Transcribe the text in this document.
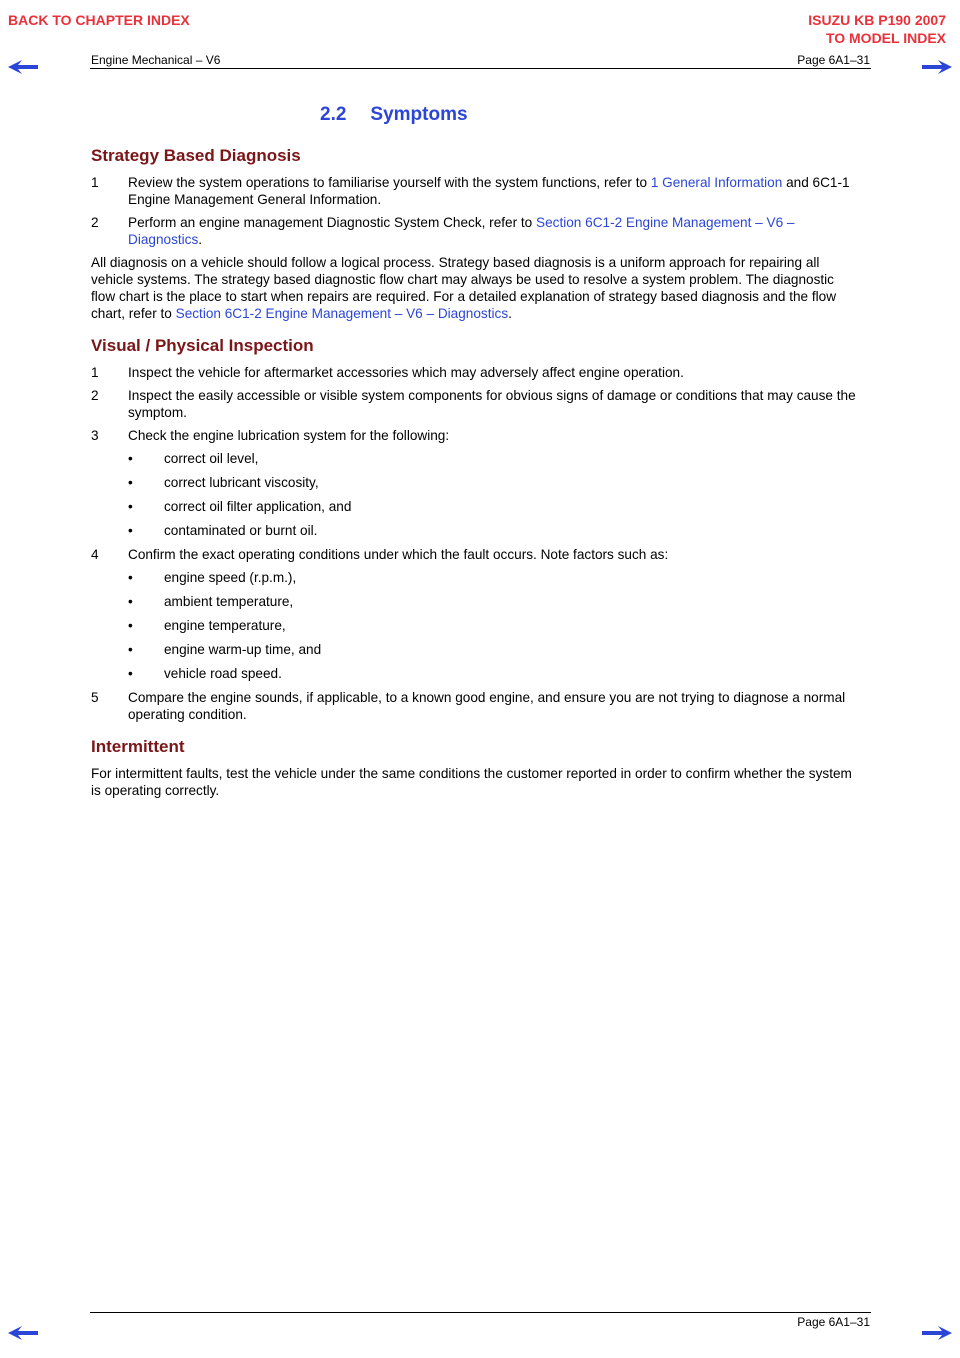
BACK TO CHAPTER INDEX	ISUZU KB P190 2007
TO MODEL INDEX
Engine Mechanical – V6	Page 6A1–31
2.2 Symptoms
Strategy Based Diagnosis
1	Review the system operations to familiarise yourself with the system functions, refer to 1 General Information and 6C1-1 Engine Management General Information.
2	Perform an engine management Diagnostic System Check, refer to Section 6C1-2 Engine Management – V6 – Diagnostics.

All diagnosis on a vehicle should follow a logical process. Strategy based diagnosis is a uniform approach for repairing all vehicle systems. The strategy based diagnostic flow chart may always be used to resolve a system problem. The diagnostic flow chart is the place to start when repairs are required. For a detailed explanation of strategy based diagnosis and the flow chart, refer to Section 6C1-2 Engine Management – V6 – Diagnostics.

Visual / Physical Inspection
1	Inspect the vehicle for aftermarket accessories which may adversely affect engine operation.
2	Inspect the easily accessible or visible system components for obvious signs of damage or conditions that may cause the symptom.
3	Check the engine lubrication system for the following:
•	correct oil level,
•	correct lubricant viscosity,
•	correct oil filter application, and
•	contaminated or burnt oil.
4	Confirm the exact operating conditions under which the fault occurs. Note factors such as:
•	engine speed (r.p.m.),
•	ambient temperature,
•	engine temperature,
•	engine warm-up time, and
•	vehicle road speed.
5	Compare the engine sounds, if applicable, to a known good engine, and ensure you are not trying to diagnose a normal operating condition.
Intermittent

For intermittent faults, test the vehicle under the same conditions the customer reported in order to confirm whether the system is operating correctly.

Page 6A1–31
